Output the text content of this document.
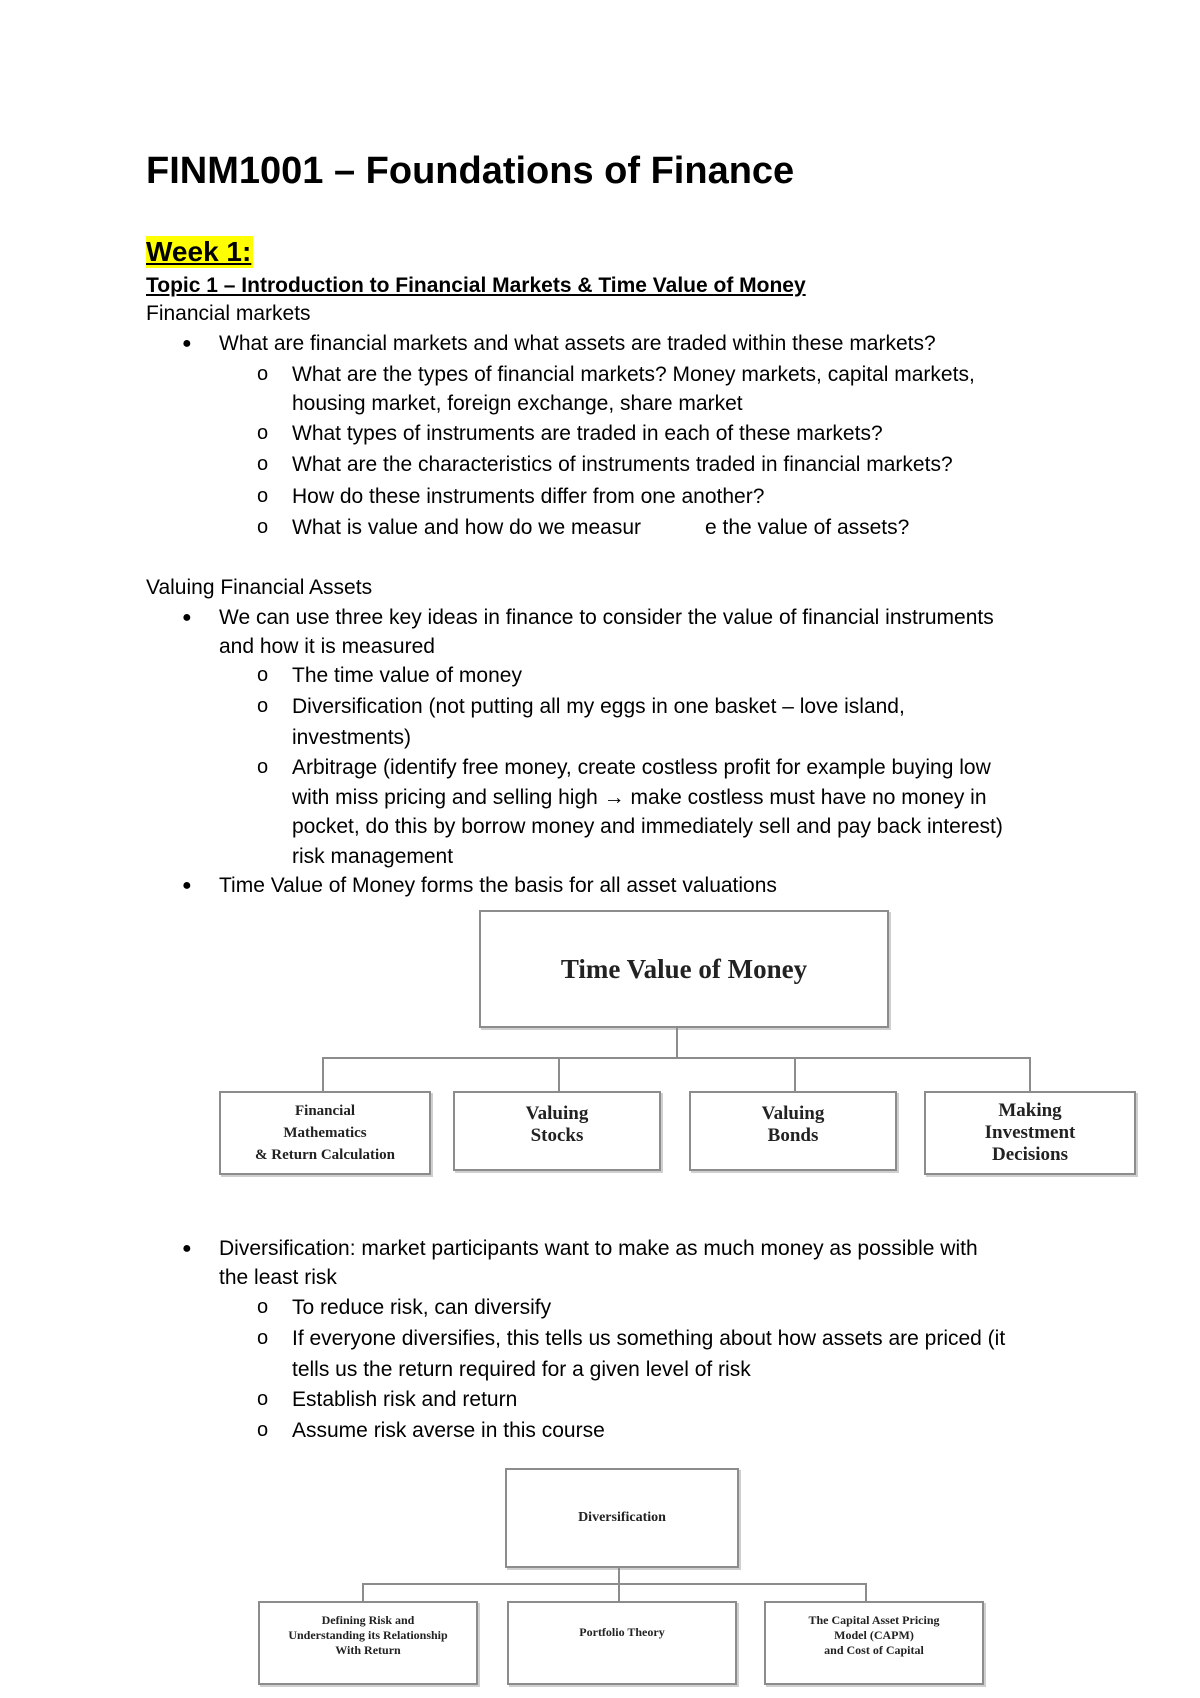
FINM1001 – Foundations of Finance
Week 1:
Topic 1 – Introduction to Financial Markets & Time Value of Money
Financial markets
● What are financial markets and what assets are traded within these markets?
o What are the types of financial markets? Money markets, capital markets,
housing market, foreign exchange, share market
o What types of instruments are traded in each of these markets?
o What are the characteristics of instruments traded in financial markets?
o How do these instruments differ from one another?
o What is value and how do we measur	e the value of assets?
Valuing Financial Assets
● We can use three key ideas in finance to consider the value of financial instruments
and how it is measured
o The time value of money
o Diversification (not putting all my eggs in one basket – love island,
investments)
o Arbitrage (identify free money, create costless profit for example buying low
with miss pricing and selling high → make costless must have no money in
pocket, do this by borrow money and immediately sell and pay back interest)
risk management
● Time Value of Money forms the basis for all asset valuations
Time Value of Money
Financial
Mathematics
& Return Calculation
Valuing
Stocks
Valuing
Bonds
Making
Investment
Decisions
● Diversification: market participants want to make as much money as possible with
the least risk
o To reduce risk, can diversify
o If everyone diversifies, this tells us something about how assets are priced (it
tells us the return required for a given level of risk
o Establish risk and return
o Assume risk averse in this course
Diversification
Defining Risk and
Understanding its Relationship
With Return
Portfolio Theory
The Capital Asset Pricing
Model (CAPM)
and Cost of Capital
